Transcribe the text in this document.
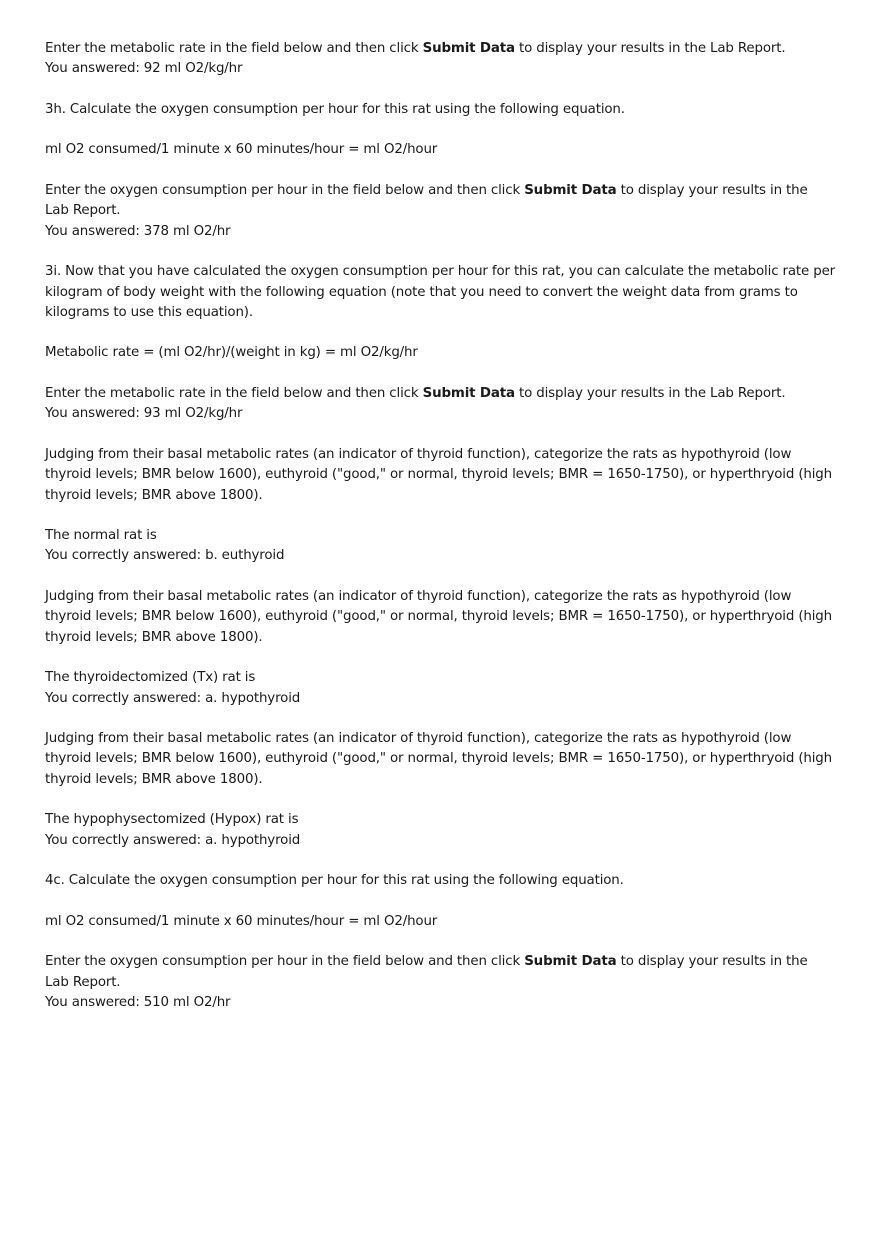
Enter the metabolic rate in the field below and then click Submit Data to display your results in the Lab Report.
You answered: 92 ml O2/kg/hr
3h. Calculate the oxygen consumption per hour for this rat using the following equation.
ml O2 consumed/1 minute x 60 minutes/hour = ml O2/hour
Enter the oxygen consumption per hour in the field below and then click Submit Data to display your results in the Lab Report.
You answered: 378 ml O2/hr
3i. Now that you have calculated the oxygen consumption per hour for this rat, you can calculate the metabolic rate per kilogram of body weight with the following equation (note that you need to convert the weight data from grams to kilograms to use this equation).
Metabolic rate = (ml O2/hr)/(weight in kg) = ml O2/kg/hr
Enter the metabolic rate in the field below and then click Submit Data to display your results in the Lab Report.
You answered: 93 ml O2/kg/hr
Judging from their basal metabolic rates (an indicator of thyroid function), categorize the rats as hypothyroid (low thyroid levels; BMR below 1600), euthyroid ("good," or normal, thyroid levels; BMR = 1650-1750), or hyperthryoid (high thyroid levels; BMR above 1800).
The normal rat is
You correctly answered: b. euthyroid
Judging from their basal metabolic rates (an indicator of thyroid function), categorize the rats as hypothyroid (low thyroid levels; BMR below 1600), euthyroid ("good," or normal, thyroid levels; BMR = 1650-1750), or hyperthryoid (high thyroid levels; BMR above 1800).
The thyroidectomized (Tx) rat is
You correctly answered: a. hypothyroid
Judging from their basal metabolic rates (an indicator of thyroid function), categorize the rats as hypothyroid (low thyroid levels; BMR below 1600), euthyroid ("good," or normal, thyroid levels; BMR = 1650-1750), or hyperthryoid (high thyroid levels; BMR above 1800).
The hypophysectomized (Hypox) rat is
You correctly answered: a. hypothyroid
4c. Calculate the oxygen consumption per hour for this rat using the following equation.
ml O2 consumed/1 minute x 60 minutes/hour = ml O2/hour
Enter the oxygen consumption per hour in the field below and then click Submit Data to display your results in the Lab Report.
You answered: 510 ml O2/hr
